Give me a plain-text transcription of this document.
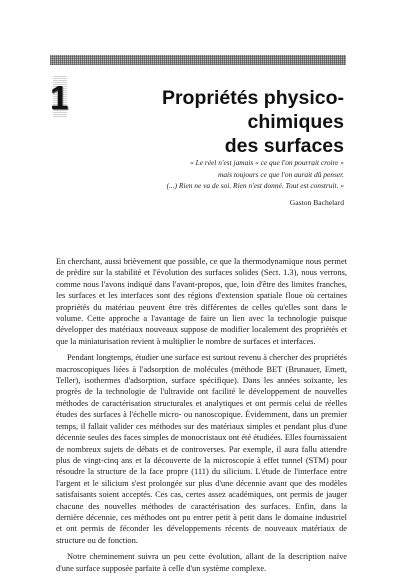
1	Propriétés physico-chimiques
des surfaces
« Le réel n'est jamais « ce que l'on pourrait croire »
mais toujours ce que l'on aurait dû penser.
(...) Rien ne va de soi. Rien n'est donné. Tout est construit. »
Gaston Bachelard

En cherchant, aussi brièvement que possible, ce que la thermodynamique nous permet de prédire sur la stabilité et l'évolution des surfaces solides (Sect. 1.3), nous verrons, comme nous l'avons indiqué dans l'avant-propos, que, loin d'être des limites franches, les surfaces et les interfaces sont des régions d'extension spatiale floue où certaines propriétés du matériau peuvent être très différentes de celles qu'elles sont dans le volume. Cette approche a l'avantage de faire un lien avec la technologie puisque développer des matériaux nouveaux suppose de modifier localement des propriétés et que la miniaturisation revient à multiplier le nombre de surfaces et interfaces.

Pendant longtemps, étudier une surface est surtout revenu à chercher des propriétés macroscopiques liées à l'adsorption de molécules (méthode BET (Brunauer, Emett, Teller), isothermes d'adsorption, surface spécifique). Dans les années soixante, les progrès de la technologie de l'ultravide ont facilité le développement de nouvelles méthodes de caractérisation structurales et analytiques et ont permis celui de réelles études des surfaces à l'échelle micro- ou nanoscopique. Évidemment, dans un premier temps, il fallait valider ces méthodes sur des matériaux simples et pendant plus d'une décennie seules des faces simples de monocristaux ont été étudiées. Elles fournissaient de nombreux sujets de débats et de controverses. Par exemple, il aura fallu attendre plus de vingt-cinq ans et la découverte de la microscopie à effet tunnel (STM) pour résoudre la structure de la face propre (111) du silicium. L'étude de l'interface entre l'argent et le silicium s'est prolongée sur plus d'une décennie avant que des modèles satisfaisants soient acceptés. Ces cas, certes assez académiques, ont permis de jauger chacune des nouvelles méthodes de caractérisation des surfaces. Enfin, dans la dernière décennie, ces méthodes ont pu entrer petit à petit dans le domaine industriel et ont permis de féconder les développements récents de nouveaux matériaux de structure ou de fonction.

Notre cheminement suivra un peu cette évolution, allant de la description naïve d'une surface supposée parfaite à celle d'un système complexe.
